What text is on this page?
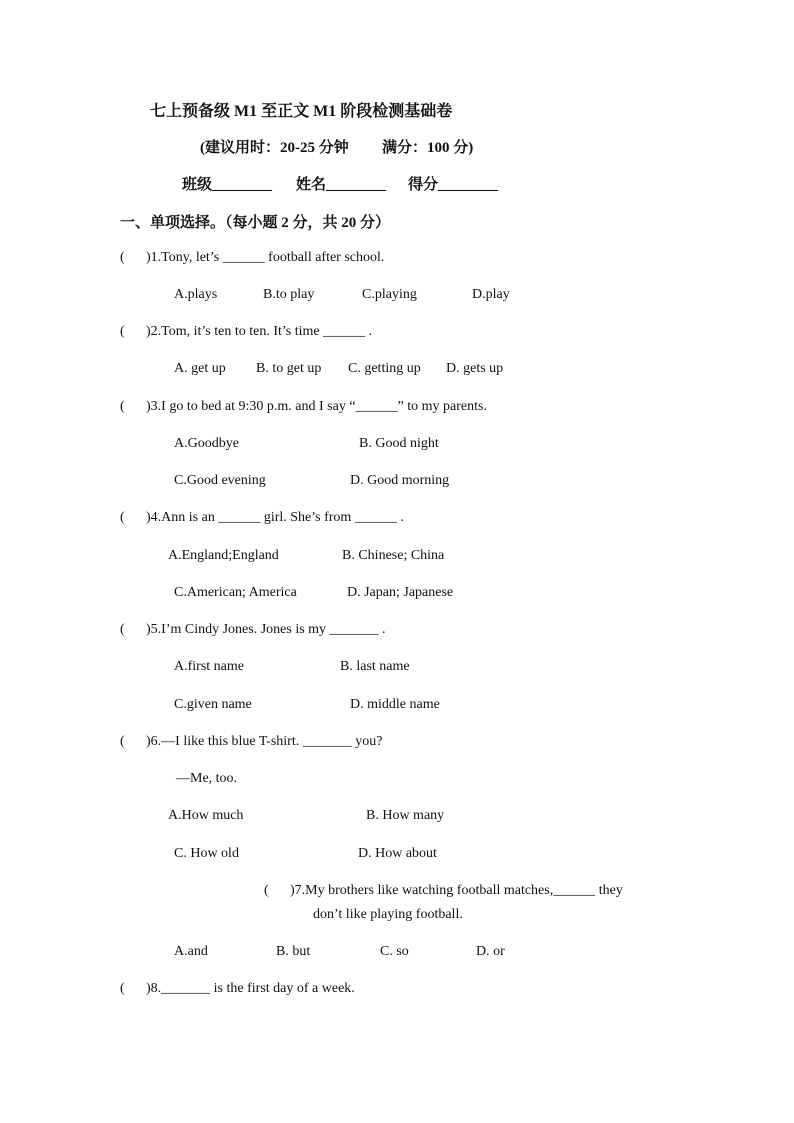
七上预备级 M1 至正文 M1 阶段检测基础卷
(建议用时：20-25 分钟 满分：100 分)
班级________ 姓名________ 得分________
一、单项选择。（每小题 2 分，共 20 分）
( )1.Tony, let’s ______ football after school.
A.plays	B.to play	C.playing	D.play
( )2.Tom, it’s ten to ten. It’s time ______ .
A. get up B. to get up C. getting up D. gets up
( )3.I go to bed at 9:30 p.m. and I say “______” to my parents.
A.Goodbye	B. Good night
C.Good evening	D. Good morning
( )4.Ann is an ______ girl. She’s from ______ .
A.England;England	B. Chinese; China
C.American; America	D. Japan; Japanese
( )5.I’m Cindy Jones. Jones is my _______ .
A.first name	B. last name
C.given name	D. middle name
( )6.—I like this blue T-shirt. _______ you?
—Me, too.
A.How much	B. How many
C. How old	D. How about
( )7.My brothers like watching football matches,______ they
don’t like playing football.
A.and	B. but	C. so	D. or
( )8._______ is the first day of a week.
